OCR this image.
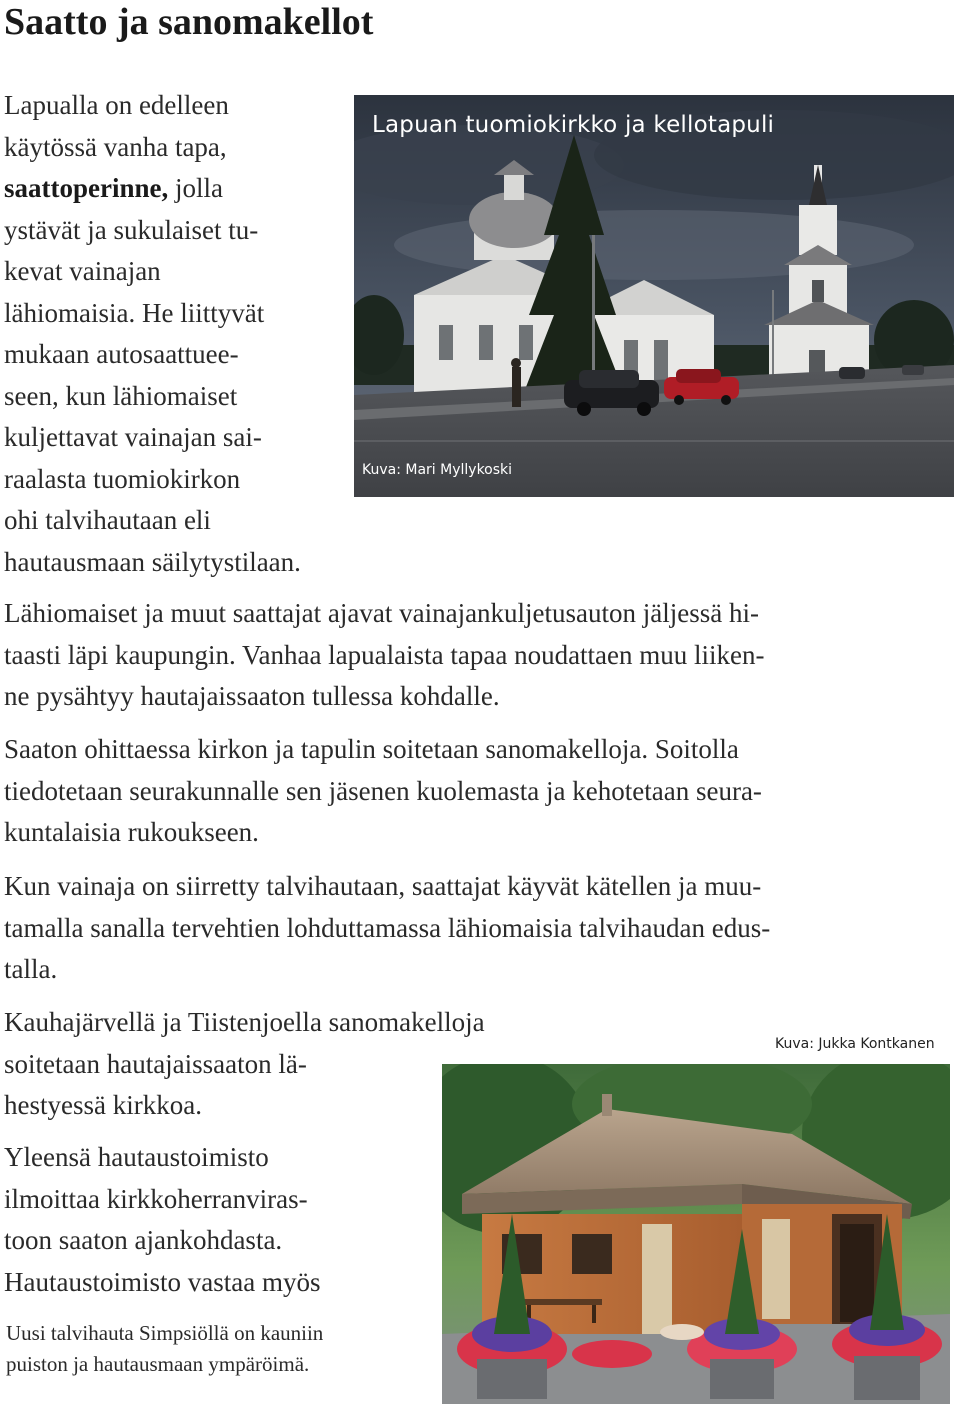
Saatto ja sanomakellot
Lapualla on edelleen
käytössä vanha tapa,
saattoperinne, jolla
ystävät ja sukulaiset tu-
kevat vainajan
lähiomaisia. He liittyvät
mukaan autosaattuee-
seen, kun lähiomaiset
kuljettavat vainajan sai-
raalasta tuomiokirkon
ohi talvihautaan eli
hautausmaan säilytystilaan.
Lapuan tuomiokirkko ja kellotapuli
Kuva: Mari Myllykoski
Lähiomaiset ja muut saattajat ajavat vainajankuljetusauton jäljessä hi-
taasti läpi kaupungin. Vanhaa lapualaista tapaa noudattaen muu liiken-
ne pysähtyy hautajaissaaton tullessa kohdalle.
Saaton ohittaessa kirkon ja tapulin soitetaan sanomakelloja. Soitolla
tiedotetaan seurakunnalle sen jäsenen kuolemasta ja kehotetaan seura-
kuntalaisia rukoukseen.
Kun vainaja on siirretty talvihautaan, saattajat käyvät kätellen ja muu-
tamalla sanalla tervehtien lohduttamassa lähiomaisia talvihaudan edus-
talla.
Kauhajärvellä ja Tiistenjoella sanomakelloja
soitetaan hautajaissaaton lä-
hestyessä kirkkoa.
Yleensä hautaustoimisto
ilmoittaa kirkkoherranviras-
toon saaton ajankohdasta.
Hautaustoimisto vastaa myös
Uusi talvihauta Simpsiöllä on kauniin
puiston ja hautausmaan ympäröimä.
Kuva: Jukka Kontkanen
